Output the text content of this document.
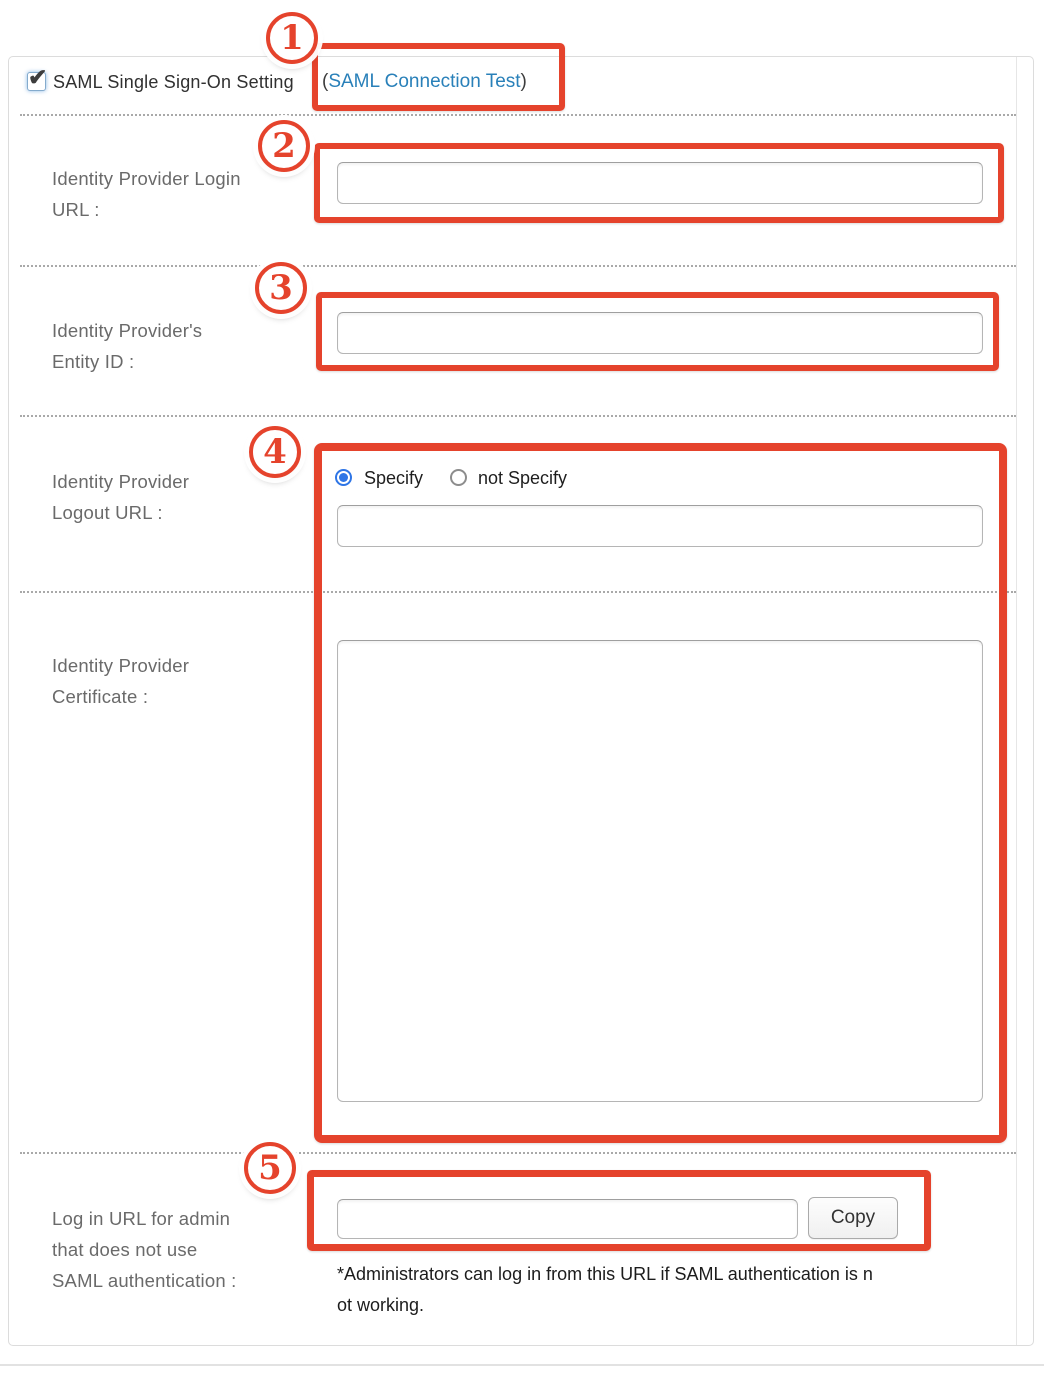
✔ SAML Single Sign-On Setting (SAML Connection Test)
Identity Provider Login
URL :
Identity Provider's
Entity ID :
Identity Provider
Logout URL :
Specify	not Specify
Identity Provider
Certificate :
Log in URL for admin
that does not use
SAML authentication :
Copy
*Administrators can log in from this URL if SAML authentication is n
ot working.
1
2
3
4
5
